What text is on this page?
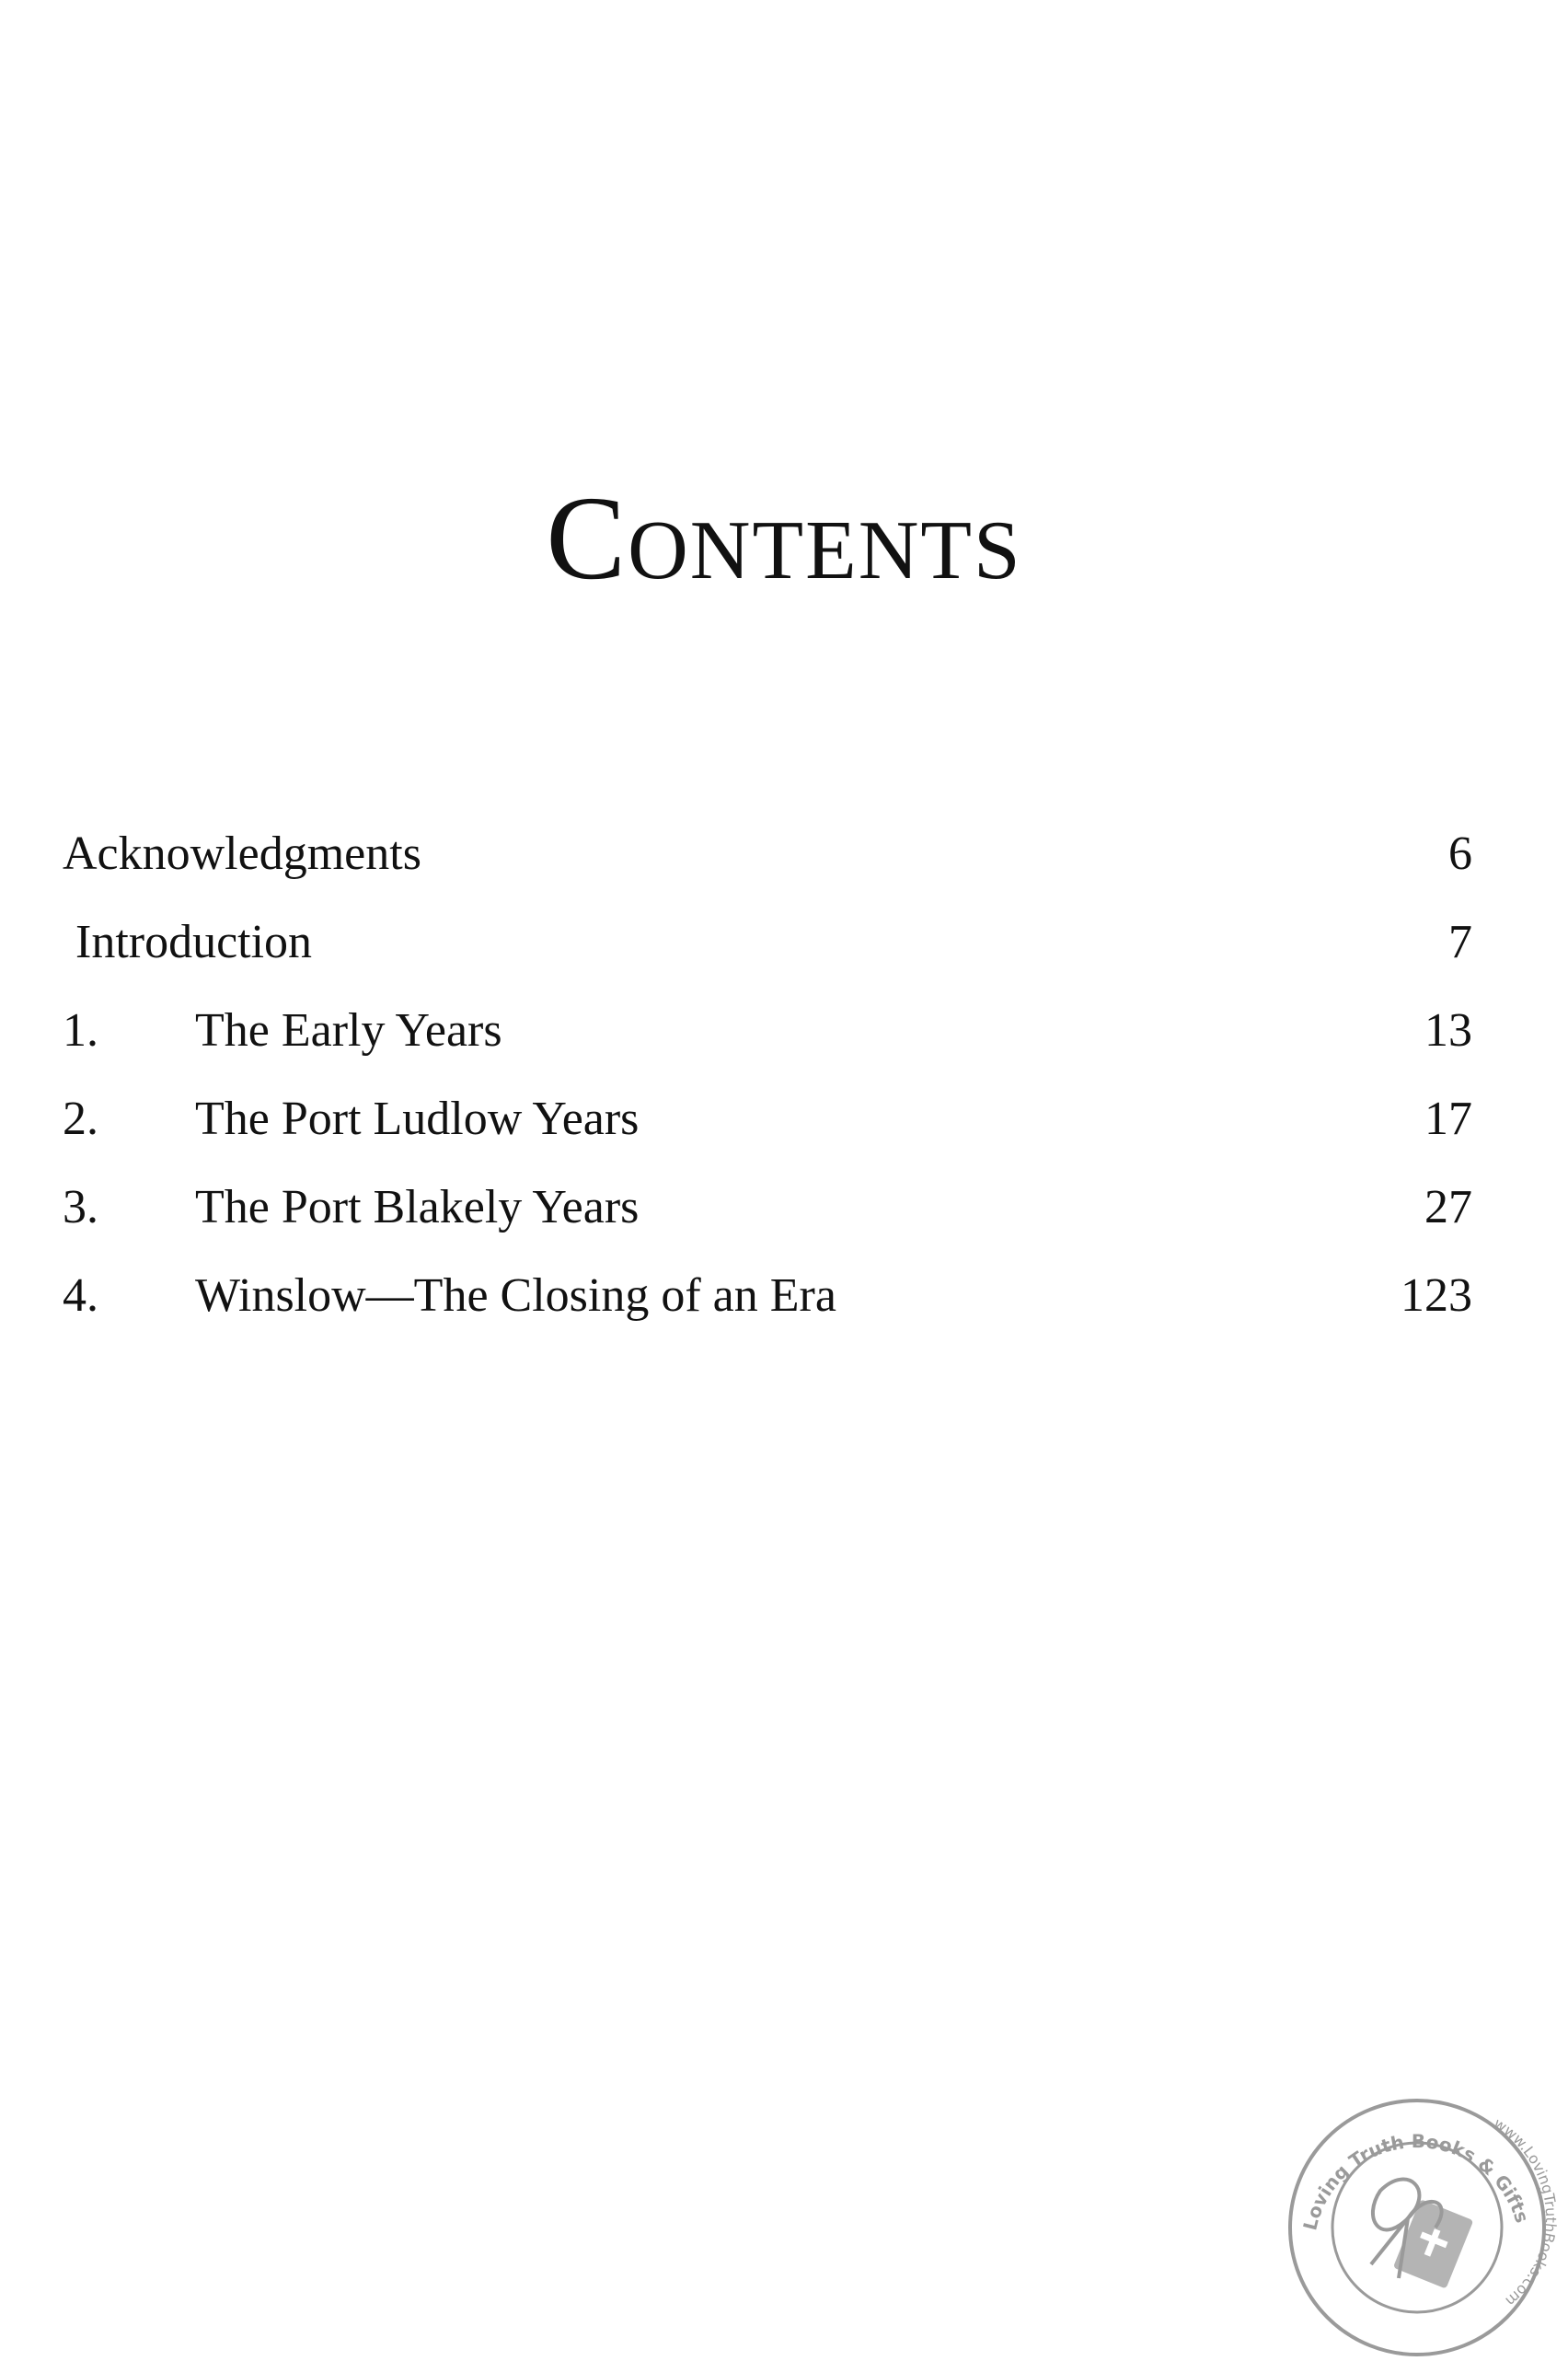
Contents
Acknowledgments	6
Introduction	7
1. The Early Years	13
2. The Port Ludlow Years	17
3. The Port Blakely Years	27
4. Winslow—The Closing of an Era	123
Loving Truth Books & Gifts
www.LovingTruthBooks.com
